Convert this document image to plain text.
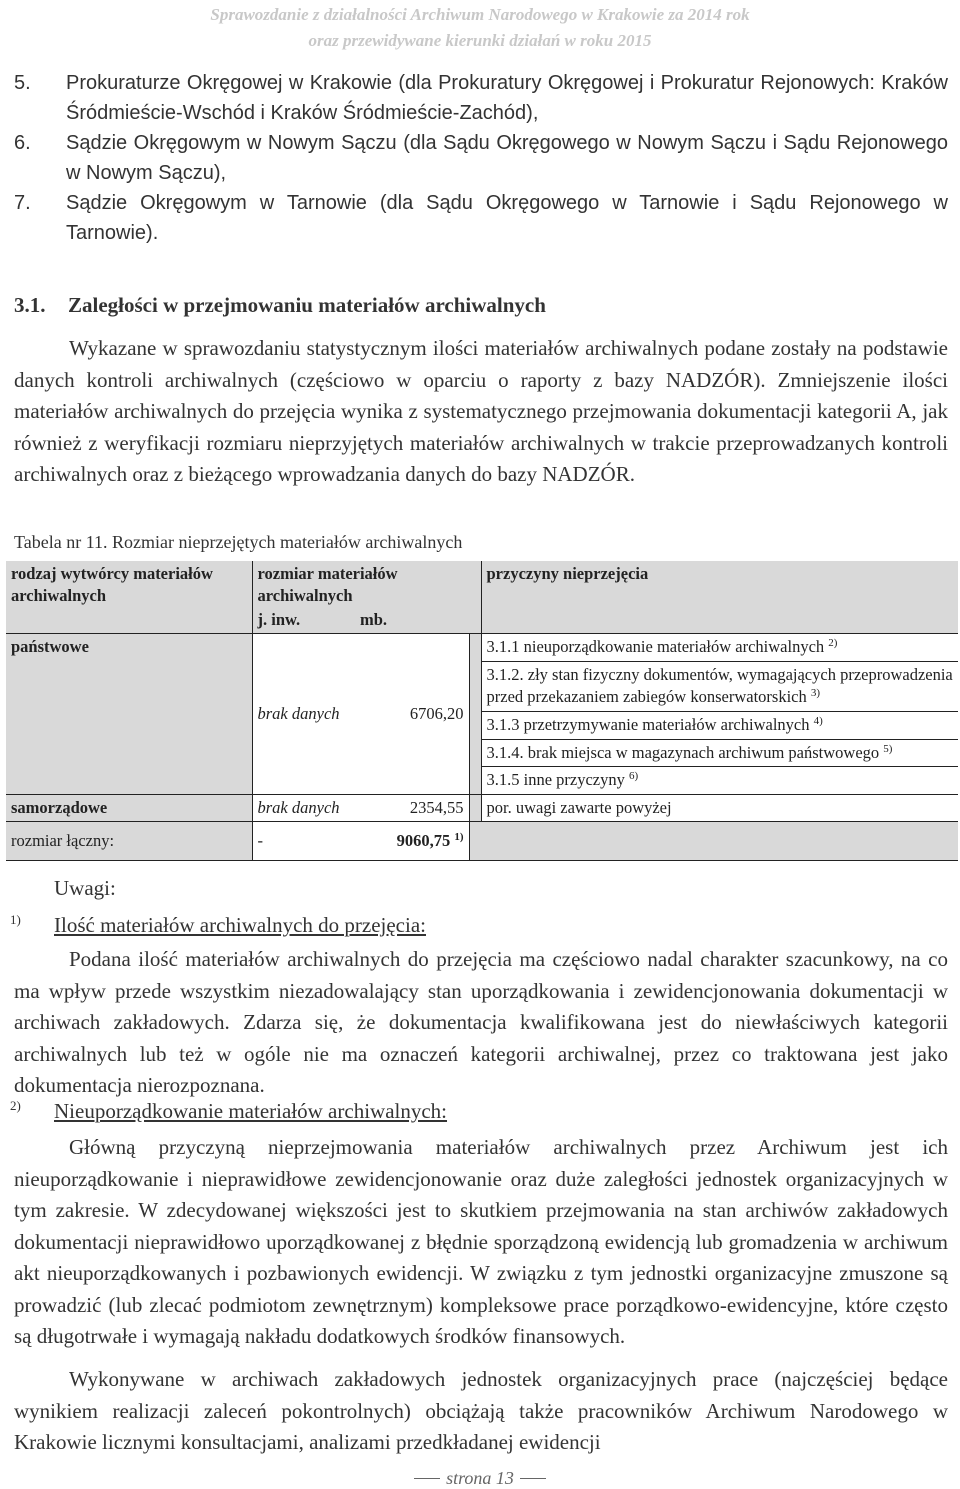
Sprawozdanie z działalności Archiwum Narodowego w Krakowie za 2014 rok
oraz przewidywane kierunki działań w roku 2015
5.	Prokuraturze Okręgowej w Krakowie (dla Prokuratury Okręgowej i Prokuratur Rejonowych: Kraków Śródmieście-Wschód i Kraków Śródmieście-Zachód),
6.	Sądzie Okręgowym w Nowym Sączu (dla Sądu Okręgowego w Nowym Sączu i Sądu Rejonowego w Nowym Sączu),
7.	Sądzie Okręgowym w Tarnowie (dla Sądu Okręgowego w Tarnowie i Sądu Rejonowego w Tarnowie).
3.1. Zaległości w przejmowaniu materiałów archiwalnych
Wykazane w sprawozdaniu statystycznym ilości materiałów archiwalnych podane zostały na podstawie danych kontroli archiwalnych (częściowo w oparciu o raporty z bazy NADZÓR). Zmniejszenie ilości materiałów archiwalnych do przejęcia wynika z systematycznego przejmowania dokumentacji kategorii A, jak również z weryfikacji rozmiaru nieprzyjętych materiałów archiwalnych w trakcie przeprowadzanych kontroli archiwalnych oraz z bieżącego wprowadzania danych do bazy NADZÓR.
Tabela nr 11. Rozmiar nieprzejętych materiałów archiwalnych
rodzaj wytwórcy materiałów archiwalnych	rozmiar materiałów archiwalnych			przyczyny nieprzejęcia
	j. inw.	mb.		
państwowe	brak danych	6706,20		3.1.1 nieuporządkowanie materiałów archiwalnych $^{2)}$
				3.1.2. zły stan fizyczny dokumentów, wymagających przeprowadzenia przed przekazaniem zabiegów konserwatorskich $^{3)}$
				3.1.3 przetrzymywanie materiałów archiwalnych $^{4)}$
				3.1.4. brak miejsca w magazynach archiwum państwowego $^{5)}$
				3.1.5 inne przyczyny $^{6)}$
samorządowe	brak danych	2354,55		por. uwagi zawarte powyżej
rozmiar łączny:	-	9060,75 $^{1)}$	
Uwagi:
1) Ilość materiałów archiwalnych do przejęcia:
Podana ilość materiałów archiwalnych do przejęcia ma częściowo nadal charakter szacunkowy, na co ma wpływ przede wszystkim niezadowalający stan uporządkowania i zewidencjonowania dokumentacji w archiwach zakładowych. Zdarza się, że dokumentacja kwalifikowana jest do niewłaściwych kategorii archiwalnych lub też w ogóle nie ma oznaczeń kategorii archiwalnej, przez co traktowana jest jako dokumentacja nierozpoznana.
2) Nieuporządkowanie materiałów archiwalnych:
Główną przyczyną nieprzejmowania materiałów archiwalnych przez Archiwum jest ich nieuporządkowanie i nieprawidłowe zewidencjonowanie oraz duże zaległości jednostek organizacyjnych w tym zakresie. W zdecydowanej większości jest to skutkiem przejmowania na stan archiwów zakładowych dokumentacji nieprawidłowo uporządkowanej z błędnie sporządzoną ewidencją lub gromadzenia w archiwum akt nieuporządkowanych i pozbawionych ewidencji. W związku z tym jednostki organizacyjne zmuszone są prowadzić (lub zlecać podmiotom zewnętrznym) kompleksowe prace porządkowo-ewidencyjne, które często są długotrwałe i wymagają nakładu dodatkowych środków finansowych.
Wykonywane w archiwach zakładowych jednostek organizacyjnych prace (najczęściej będące wynikiem realizacji zaleceń pokontrolnych) obciążają także pracowników Archiwum Narodowego w Krakowie licznymi konsultacjami, analizami przedkładanej ewidencji
strona 13
